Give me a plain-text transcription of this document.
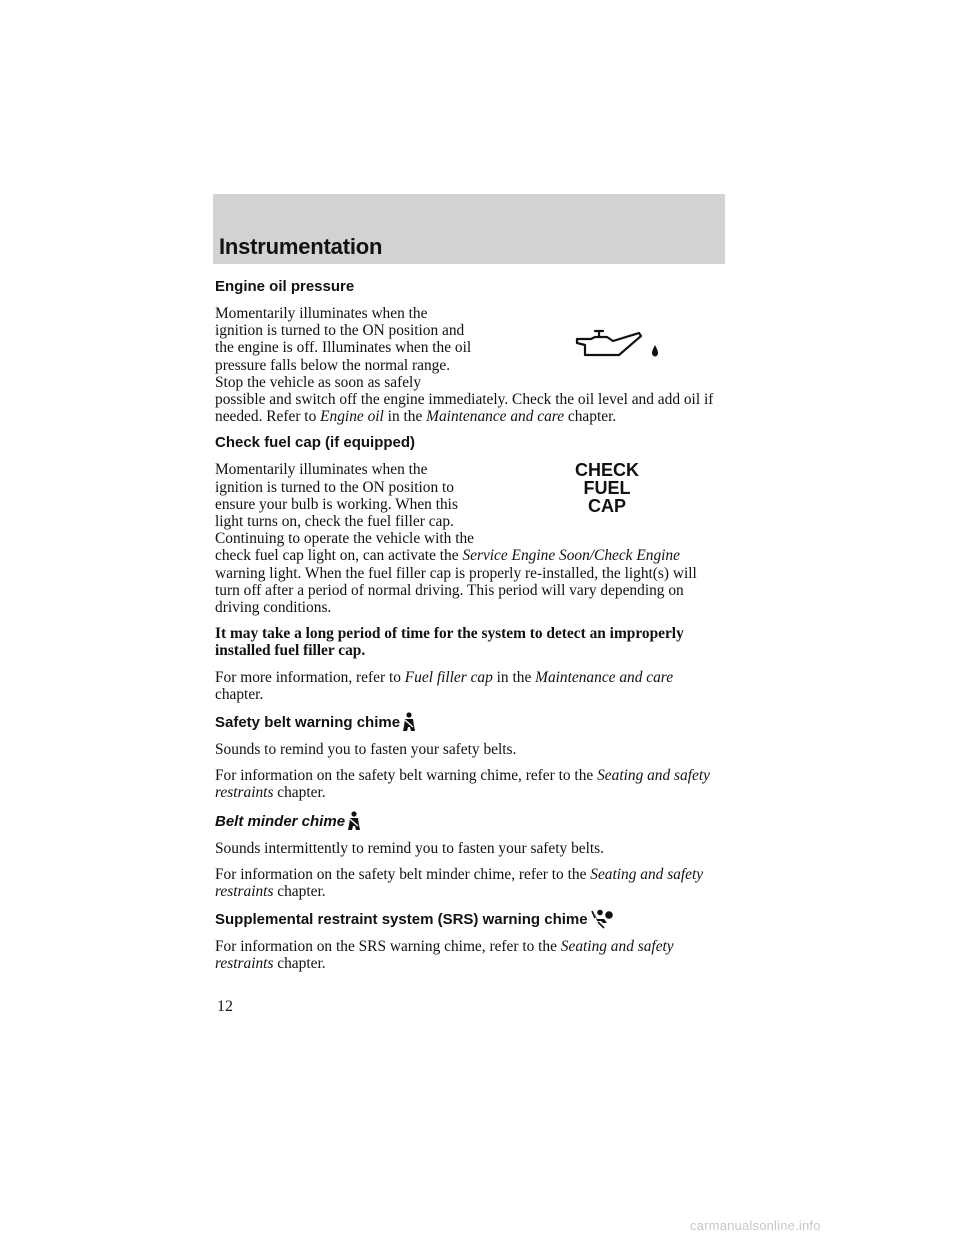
Instrumentation
Engine oil pressure

Momentarily illuminates when the ignition is turned to the ON position and the engine is off. Illuminates when the oil pressure falls below the normal range. Stop the vehicle as soon as safely possible and switch off the engine immediately. Check the oil level and add oil if needed. Refer to Engine oil in the Maintenance and care chapter.

Check fuel cap (if equipped)
CHECK
FUEL
CAP

Momentarily illuminates when the ignition is turned to the ON position to ensure your bulb is working. When this light turns on, check the fuel filler cap. Continuing to operate the vehicle with the check fuel cap light on, can activate the Service Engine Soon/Check Engine warning light. When the fuel filler cap is properly re-installed, the light(s) will turn off after a period of normal driving. This period will vary depending on driving conditions.

It may take a long period of time for the system to detect an improperly installed fuel filler cap.

For more information, refer to Fuel filler cap in the Maintenance and care chapter.

Safety belt warning chime

Sounds to remind you to fasten your safety belts.

For information on the safety belt warning chime, refer to the Seating and safety restraints chapter.

Belt minder chime

Sounds intermittently to remind you to fasten your safety belts.

For information on the safety belt minder chime, refer to the Seating and safety restraints chapter.

Supplemental restraint system (SRS) warning chime

For information on the SRS warning chime, refer to the Seating and safety restraints chapter.

12
carmanualsonline.info
